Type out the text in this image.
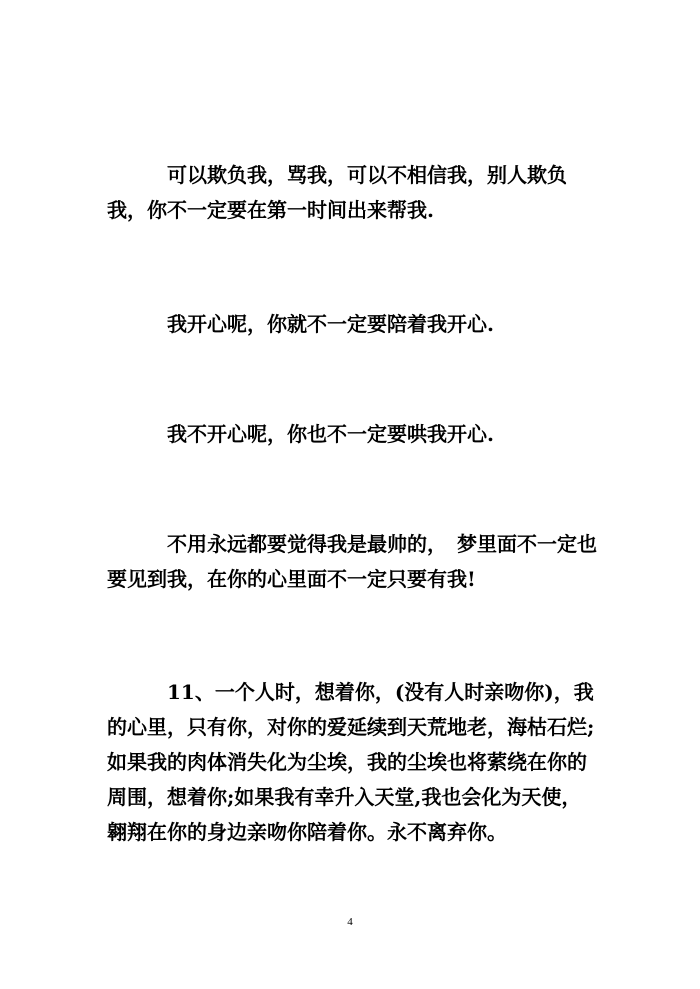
可以欺负我，骂我，可以不相信我，别人欺负我，你不一定要在第一时间出来帮我.

我开心呢，你就不一定要陪着我开心.

我不开心呢，你也不一定要哄我开心.

不用永远都要觉得我是最帅的，　梦里面不一定也要见到我，在你的心里面不一定只要有我!

11、一个人时，想着你，(没有人时亲吻你)，我的心里，只有你，对你的爱延续到天荒地老，海枯石烂;如果我的肉体消失化为尘埃，我的尘埃也将萦绕在你的周围，想着你;如果我有幸升入天堂,我也会化为天使，翱翔在你的身边亲吻你陪着你。永不离弃你。

4
